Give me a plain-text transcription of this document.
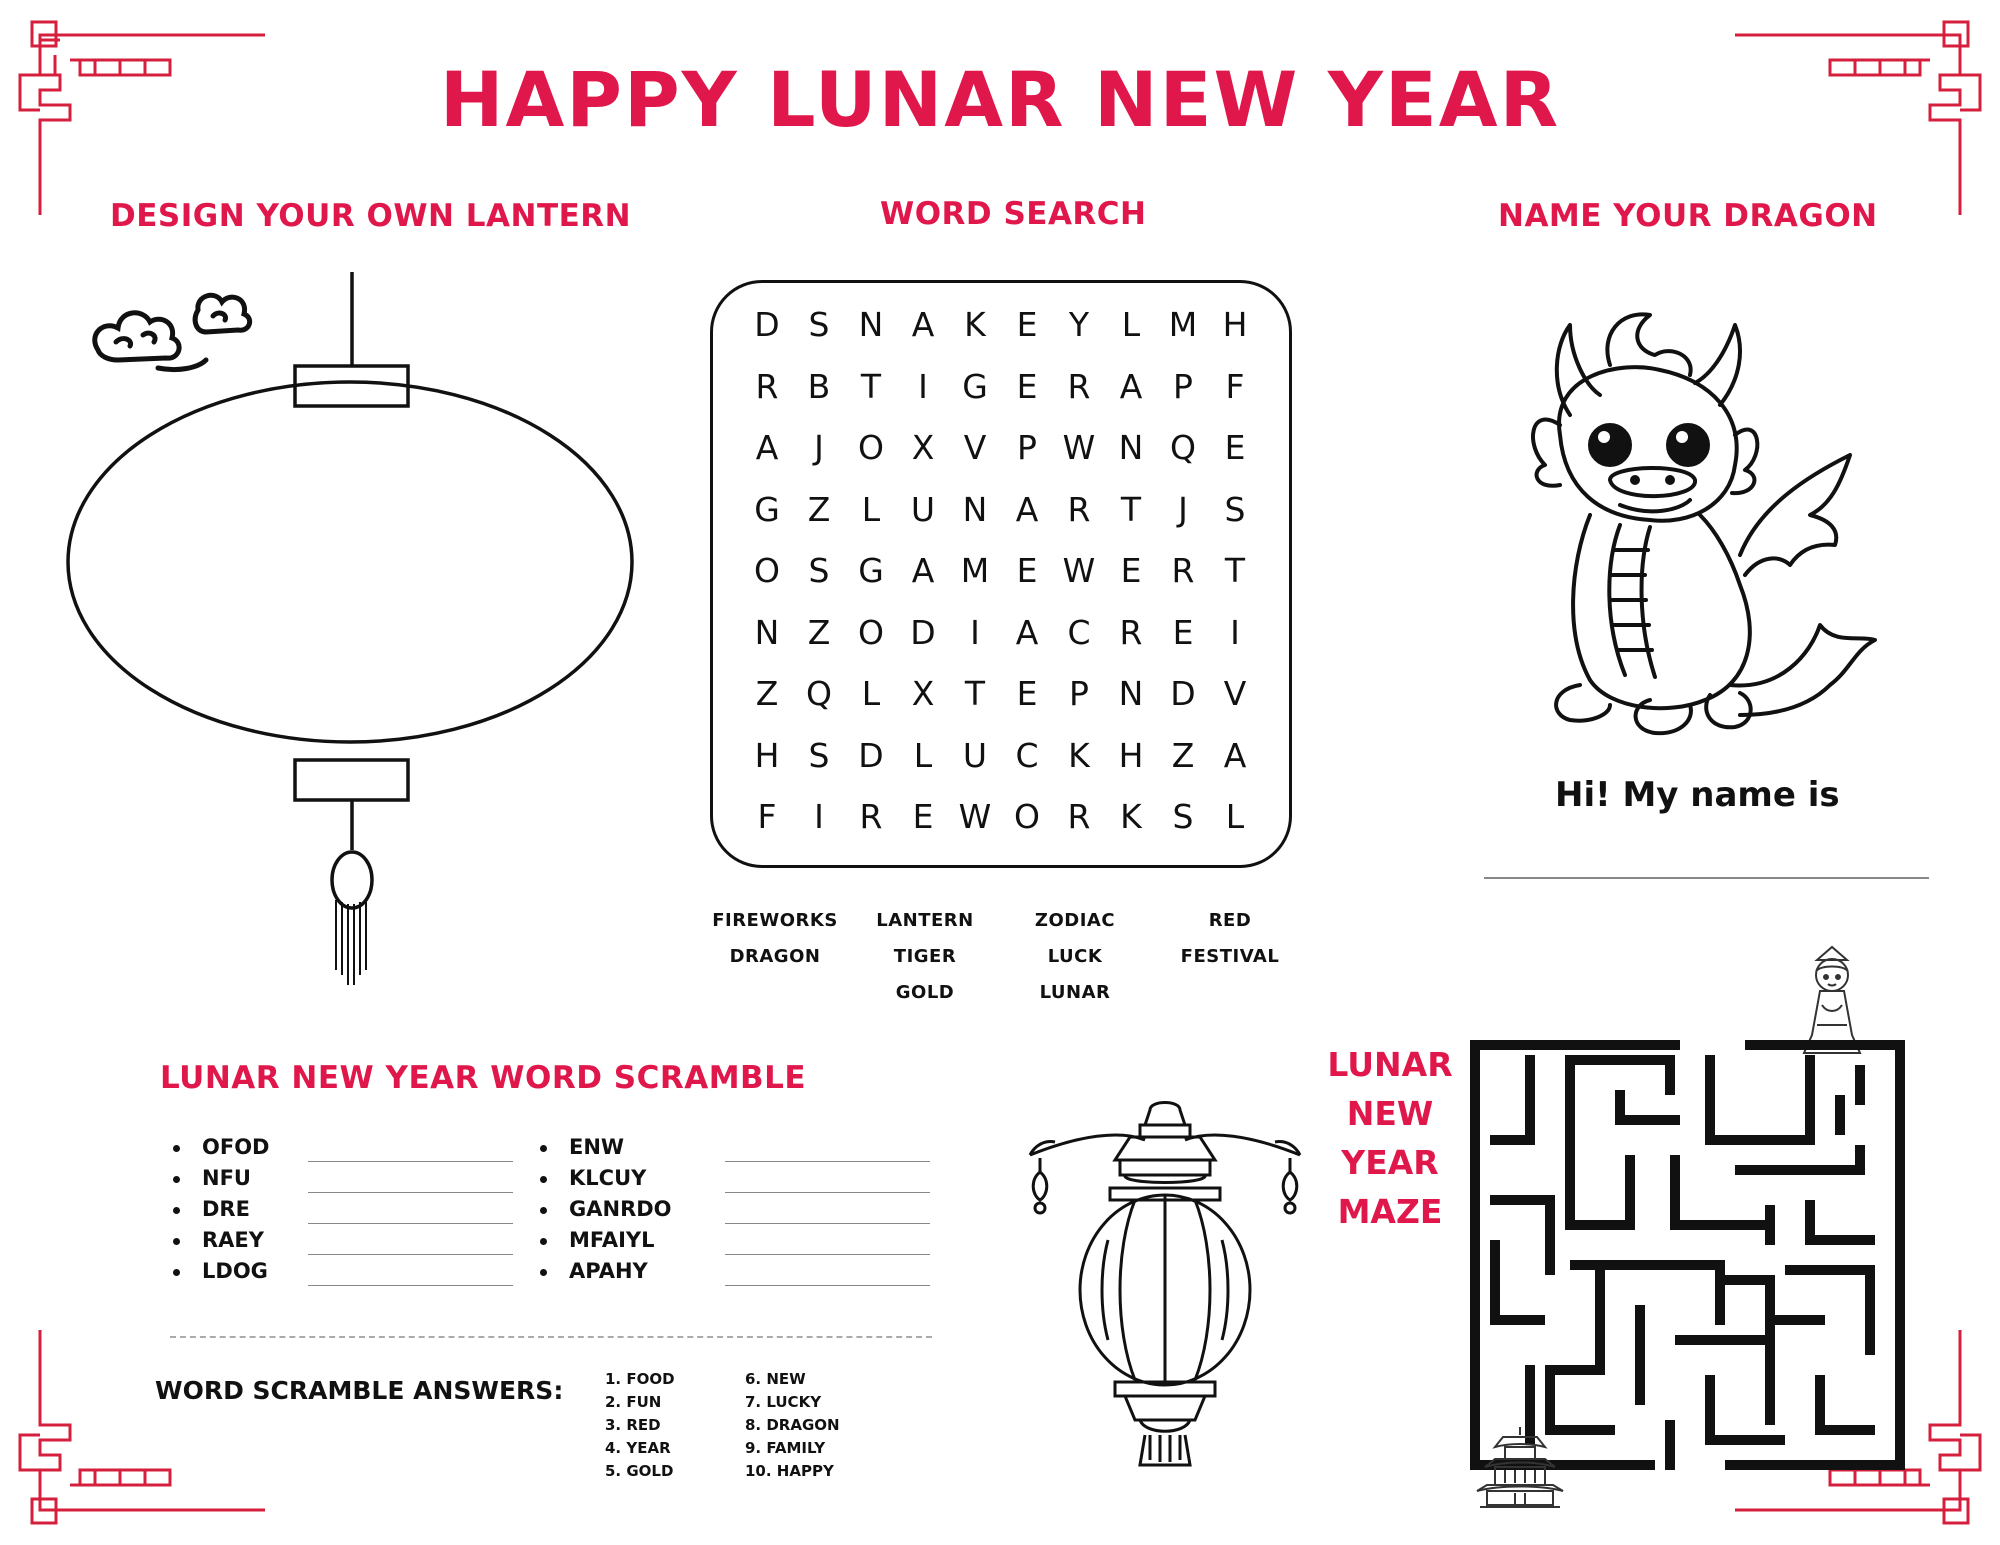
HAPPY LUNAR NEW YEAR
DESIGN YOUR OWN LANTERN	WORD SEARCH	NAME YOUR DRAGON
LUNAR NEW YEAR WORD SCRAMBLE
D S N A K E Y L M H
R B T	I	G E R A P F
A	J	O X V P W N Q E
G Z L U N A R T	J	S
O S G A M E W E R T
N Z O D	I	A C R E	I
Z Q L X T E P N D V
H S D L U C K H Z A
F	I	R E W O R K S L
FIREWORKS
DRAGON
LANTERN
TIGER
GOLD
ZODIAC
LUCK
LUNAR
RED
FESTIVAL
Hi! My name is
OFOD
NFU
DRE
RAEY
LDOG
ENW
KLCUY
GANRDO
MFAIYL
APAHY
WORD SCRAMBLE ANSWERS:	1. FOOD
2. FUN
3. RED
4. YEAR
5. GOLD
6. NEW
7. LUCKY
8. DRAGON
9. FAMILY
10. HAPPY
LUNAR
NEW
YEAR
MAZE
